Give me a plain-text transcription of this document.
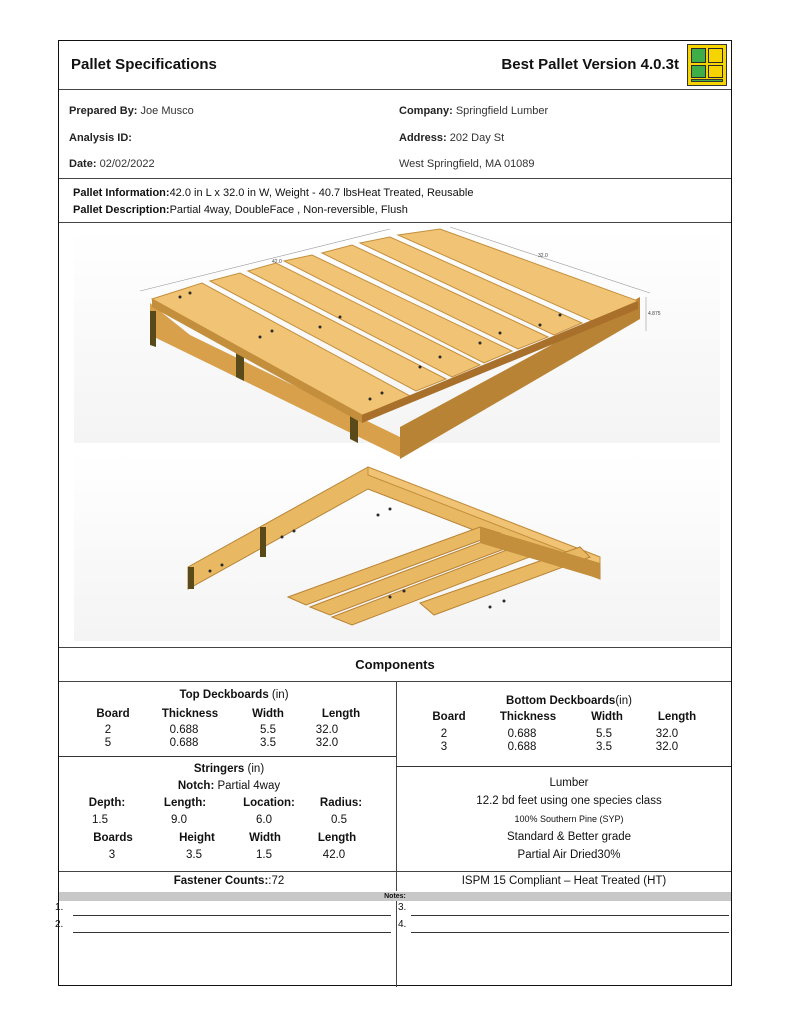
Pallet Specifications	Best Pallet Version 4.0.3t
Prepared By: Joe Musco
Analysis ID:
Date: 02/02/2022
Company: Springfield Lumber
Address: 202 Day St
West Springfield, MA 01089
Pallet Information:42.0 in L x 32.0 in W, Weight - 40.7 lbsHeat Treated, Reusable
Pallet Description:Partial 4way, DoubleFace , Non-reversible, Flush
42.0
32.0
4.875
Components
Top Deckboards (in)
Board	Thickness	Width	Length
2	0.688	5.5	32.0
5	0.688	3.5	32.0
Bottom Deckboards(in)
Board	Thickness	Width	Length
2	0.688	5.5	32.0
3	0.688	3.5	32.0
Stringers (in)
Notch: Partial 4way
Depth:	Length:	Location:	Radius:
1.5	9.0	6.0	0.5
Boards	Height	Width	Length
3	3.5	1.5	42.0
Lumber
12.2 bd feet using one species class
100% Southern Pine (SYP)
Standard & Better grade
Partial Air Dried30%
Fastener Counts::72	ISPM 15 Compliant – Heat Treated (HT)
Notes:
1.
2.
3.
4.
